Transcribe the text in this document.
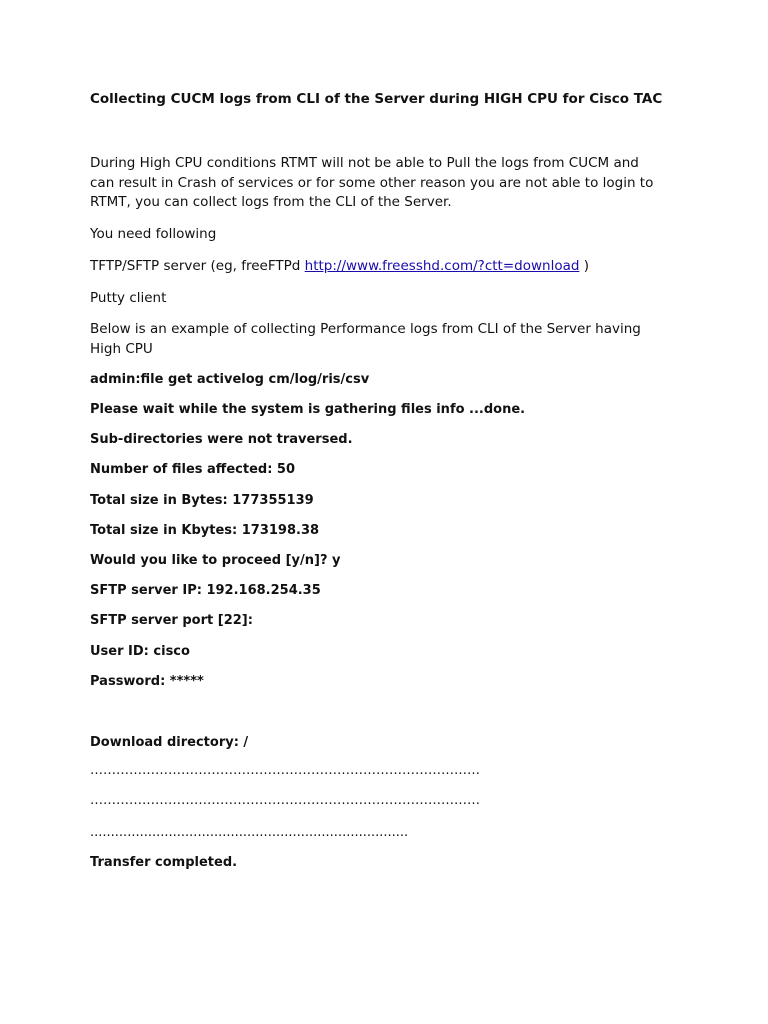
Collecting CUCM logs from CLI of the Server during HIGH CPU for Cisco TAC
During High CPU conditions RTMT will not be able to Pull the logs from CUCM and
can result in Crash of services or for some other reason you are not able to login to
RTMT, you can collect logs from the CLI of the Server.
You need following
TFTP/SFTP server (eg, freeFTPd http://www.freesshd.com/?ctt=download )
Putty client
Below is an example of collecting Performance logs from CLI of the Server having
High CPU
admin:file get activelog cm/log/ris/csv
Please wait while the system is gathering files info ...done.
Sub-directories were not traversed.
Number of files affected: 50
Total size in Bytes: 177355139
Total size in Kbytes: 173198.38
Would you like to proceed [y/n]? y
SFTP server IP: 192.168.254.35
SFTP server port [22]:
User ID: cisco
Password: *****
Download directory: /
………………………………………………………………………………
………………………………………………………………………………
.............................................................................
Transfer completed.
